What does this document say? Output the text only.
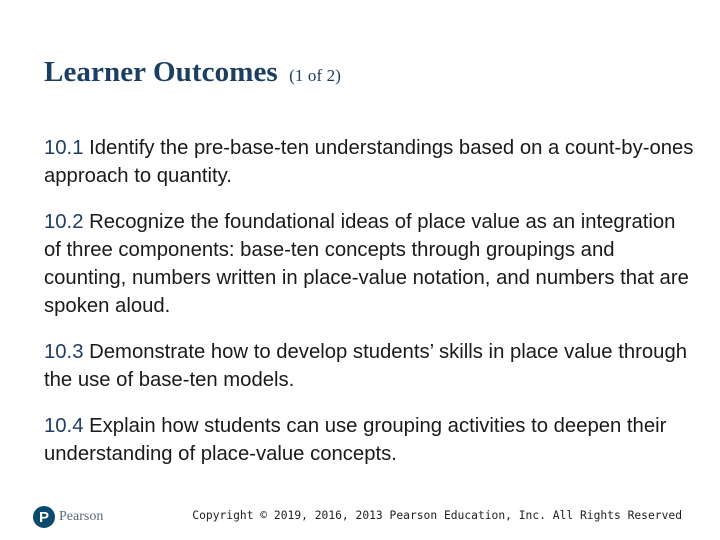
Learner Outcomes (1 of 2)
10.1 Identify the pre-base-ten understandings based on a count-by-ones approach to quantity.
10.2 Recognize the foundational ideas of place value as an integration of three components: base-ten concepts through groupings and counting, numbers written in place-value notation, and numbers that are spoken aloud.
10.3 Demonstrate how to develop students’ skills in place value through the use of base-ten models.
10.4 Explain how students can use grouping activities to deepen their understanding of place-value concepts.
P Pearson	Copyright © 2019, 2016, 2013 Pearson Education, Inc. All Rights Reserved
